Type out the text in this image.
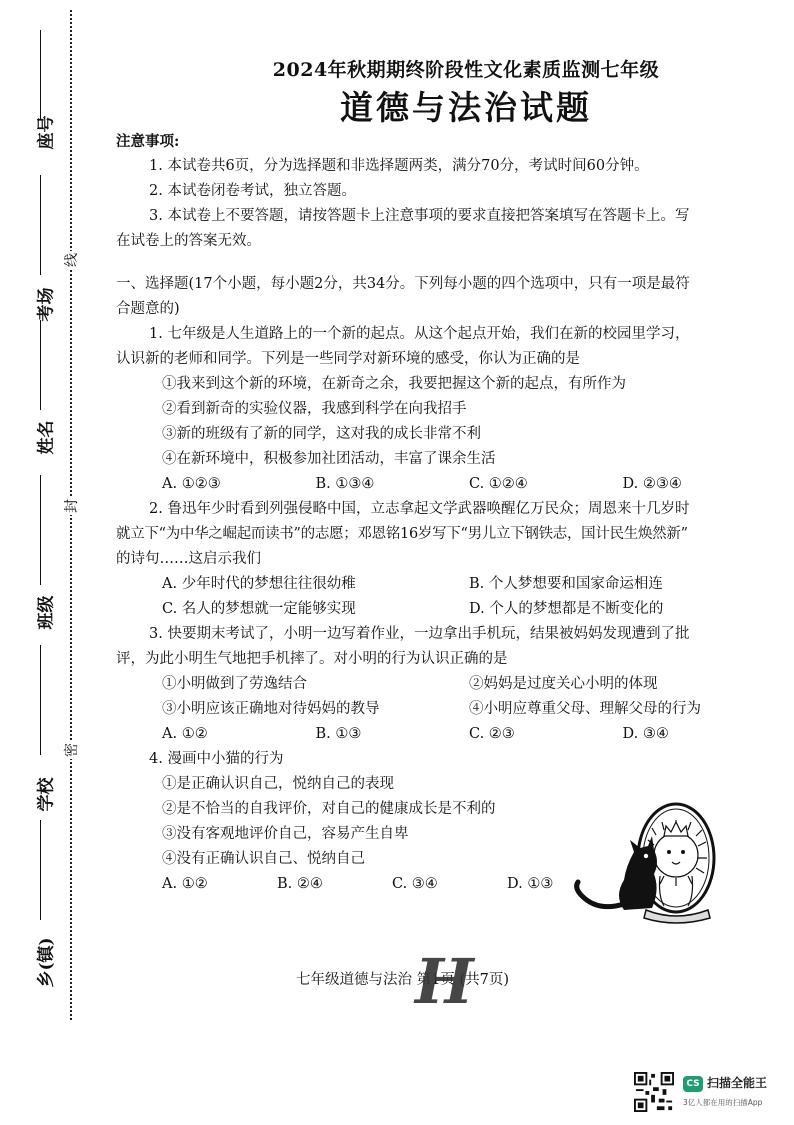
线
封
密
座号
考场
姓名
班级
学校
乡(镇)
2024年秋期期终阶段性文化素质监测七年级
道德与法治试题

注意事项:

1. 本试卷共6页，分为选择题和非选择题两类，满分70分，考试时间60分钟。

2. 本试卷闭卷考试，独立答题。

3. 本试卷上不要答题，请按答题卡上注意事项的要求直接把答案填写在答题卡上。写

在试卷上的答案无效。

一、选择题(17个小题，每小题2分，共34分。下列每小题的四个选项中，只有一项是最符

合题意的)

1. 七年级是人生道路上的一个新的起点。从这个起点开始，我们在新的校园里学习，

认识新的老师和同学。下列是一些同学对新环境的感受，你认为正确的是

①我来到这个新的环境，在新奇之余，我要把握这个新的起点，有所作为

②看到新奇的实验仪器，我感到科学在向我招手

③新的班级有了新的同学，这对我的成长非常不利

④在新环境中，积极参加社团活动，丰富了课余生活

A. ①②③	B. ①③④	C. ①②④	D. ②③④

2. 鲁迅年少时看到列强侵略中国，立志拿起文学武器唤醒亿万民众；周恩来十几岁时

就立下“为中华之崛起而读书”的志愿；邓恩铭16岁写下“男儿立下钢铁志，国计民生焕然新”

的诗句……这启示我们

A. 少年时代的梦想往往很幼稚	B. 个人梦想要和国家命运相连
C. 名人的梦想就一定能够实现	D. 个人的梦想都是不断变化的

3. 快要期末考试了，小明一边写着作业，一边拿出手机玩，结果被妈妈发现遭到了批

评，为此小明生气地把手机摔了。对小明的行为认识正确的是

①小明做到了劳逸结合	②妈妈是过度关心小明的体现
③小明应该正确地对待妈妈的教导	④小明应尊重父母、理解父母的行为
A. ①②	B. ①③	C. ②③	D. ③④

4. 漫画中小猫的行为

①是正确认识自己，悦纳自己的表现

②是不恰当的自我评价，对自己的健康成长是不利的

③没有客观地评价自己，容易产生自卑

④没有正确认识自己、悦纳自己

A. ①②	B. ②④	C. ③④	D. ①③
七年级道德与法治 第1页 (共7页)
H
CS 扫描全能王
3亿人都在用的扫描App
